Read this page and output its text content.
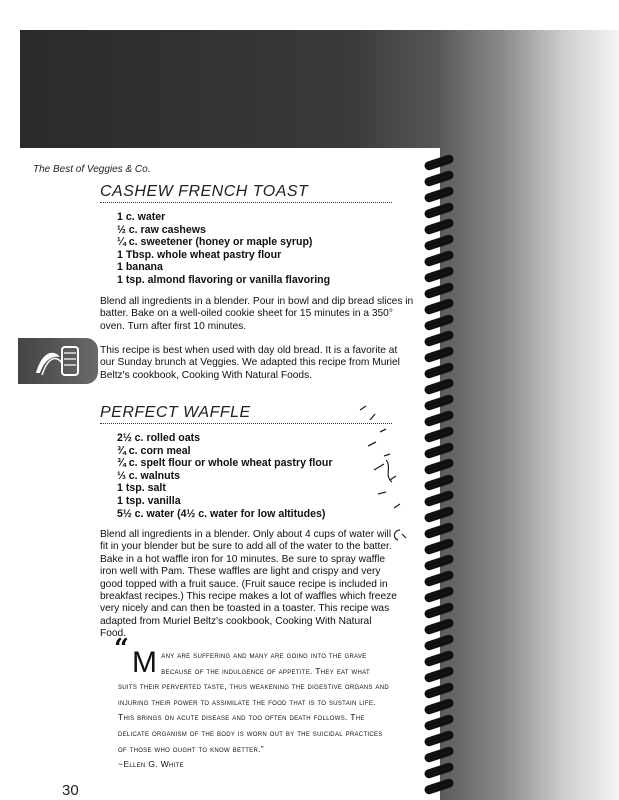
The Best of Veggies & Co.
CASHEW FRENCH TOAST
1 c. water
½ c. raw cashews
¼ c. sweetener (honey or maple syrup)
1 Tbsp. whole wheat pastry flour
1 banana
1 tsp. almond flavoring or vanilla flavoring

Blend all ingredients in a blender. Pour in bowl and dip bread slices in batter. Bake on a well-oiled cookie sheet for 15 minutes in a 350° oven. Turn after first 10 minutes.

This recipe is best when used with day old bread. It is a favorite at our Sunday brunch at Veggies. We adapted this recipe from Muriel Beltz's cookbook, Cooking With Natural Foods.

PERFECT WAFFLE
2½ c. rolled oats
¾ c. corn meal
¾ c. spelt flour or whole wheat pastry flour
⅓ c. walnuts
1 tsp. salt
1 tsp. vanilla
5½ c. water (4½ c. water for low altitudes)

Blend all ingredients in a blender. Only about 4 cups of water will fit in your blender but be sure to add all of the water to the batter. Bake in a hot waffle iron for 10 minutes. Be sure to spray waffle iron well with Pam. These waffles are light and crispy and very good topped with a fruit sauce. (Fruit sauce recipe is included in breakfast recipes.) This recipe makes a lot of waffles which freeze very nicely and can then be toasted in a toaster. This recipe was adapted from Muriel Beltz's cookbook, Cooking With Natural Food.

“ M any are suffering and many are going into the grave because of the indulgence of appetite. They eat what suits their perverted taste, thus weakening the digestive organs and injuring their power to assimilate the food that is to sustain life. This brings on acute disease and too often death follows. The delicate organism of the body is worn out by the suicidal practices of those who ought to know better.”
~Ellen G. White
30
